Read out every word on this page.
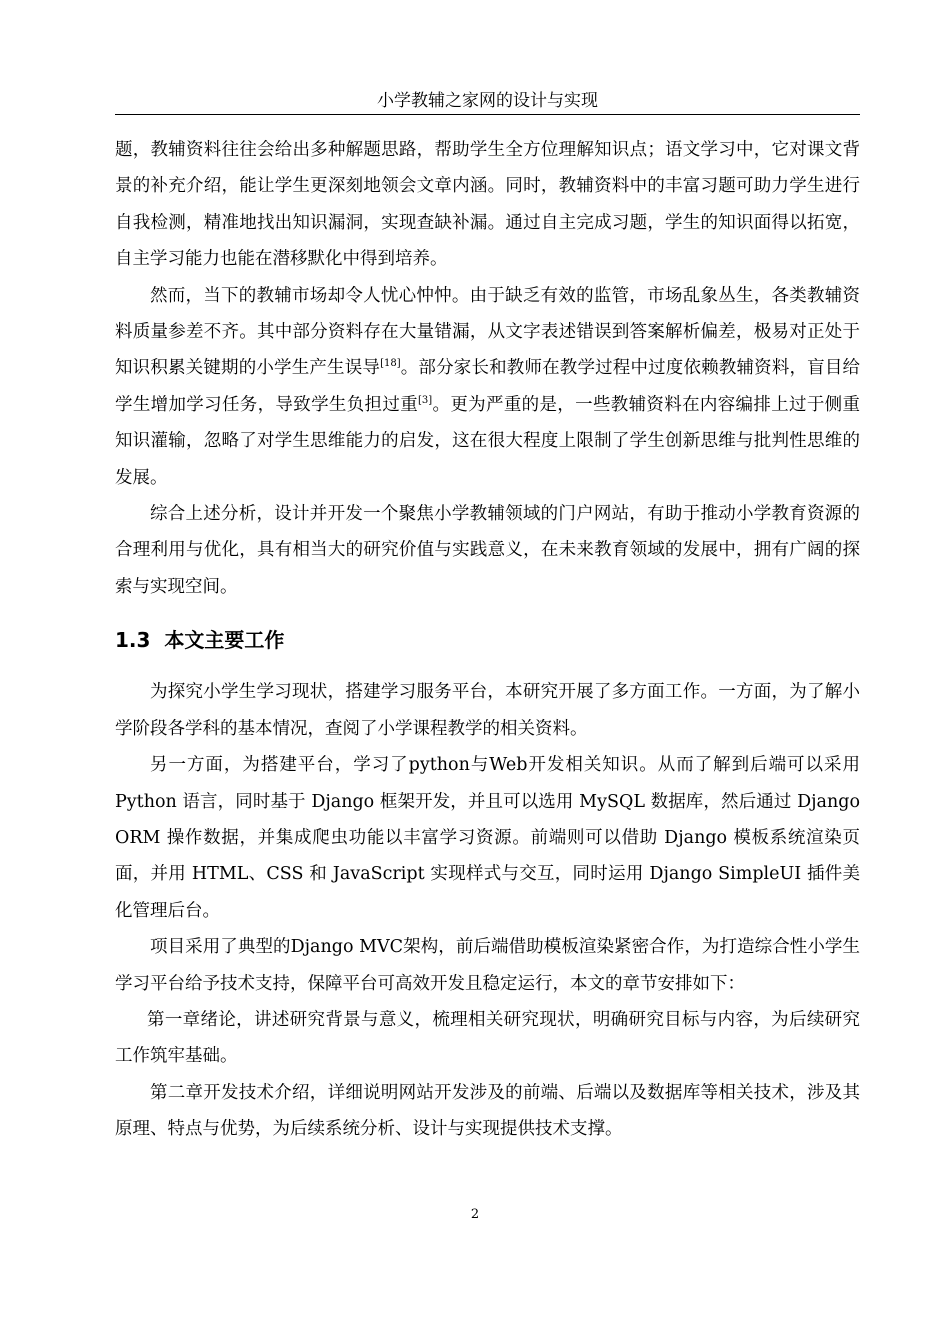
小学教辅之家网的设计与实现

题，教辅资料往往会给出多种解题思路，帮助学生全方位理解知识点；语文学习中，它对课文背景的补充介绍，能让学生更深刻地领会文章内涵。同时，教辅资料中的丰富习题可助力学生进行自我检测，精准地找出知识漏洞，实现查缺补漏。通过自主完成习题，学生的知识面得以拓宽，自主学习能力也能在潜移默化中得到培养。

然而，当下的教辅市场却令人忧心忡忡。由于缺乏有效的监管，市场乱象丛生，各类教辅资料质量参差不齐。其中部分资料存在大量错漏，从文字表述错误到答案解析偏差，极易对正处于知识积累关键期的小学生产生误导[18]。部分家长和教师在教学过程中过度依赖教辅资料，盲目给学生增加学习任务，导致学生负担过重[3]。更为严重的是，一些教辅资料在内容编排上过于侧重知识灌输，忽略了对学生思维能力的启发，这在很大程度上限制了学生创新思维与批判性思维的发展。

综合上述分析，设计并开发一个聚焦小学教辅领域的门户网站，有助于推动小学教育资源的合理利用与优化，具有相当大的研究价值与实践意义，在未来教育领域的发展中，拥有广阔的探索与实现空间。

1.3 本文主要工作

为探究小学生学习现状，搭建学习服务平台，本研究开展了多方面工作。一方面，为了解小学阶段各学科的基本情况，查阅了小学课程教学的相关资料。

另一方面，为搭建平台，学习了python与Web开发相关知识。从而了解到后端可以采用 Python 语言，同时基于 Django 框架开发，并且可以选用 MySQL 数据库，然后通过 Django ORM 操作数据，并集成爬虫功能以丰富学习资源。前端则可以借助 Django 模板系统渲染页面，并用 HTML、CSS 和 JavaScript 实现样式与交互，同时运用 Django SimpleUI 插件美化管理后台。

项目采用了典型的Django MVC架构，前后端借助模板渲染紧密合作，为打造综合性小学生学习平台给予技术支持，保障平台可高效开发且稳定运行，本文的章节安排如下：

第一章绪论，讲述研究背景与意义，梳理相关研究现状，明确研究目标与内容，为后续研究工作筑牢基础。

第二章开发技术介绍，详细说明网站开发涉及的前端、后端以及数据库等相关技术，涉及其原理、特点与优势，为后续系统分析、设计与实现提供技术支撑。

2
